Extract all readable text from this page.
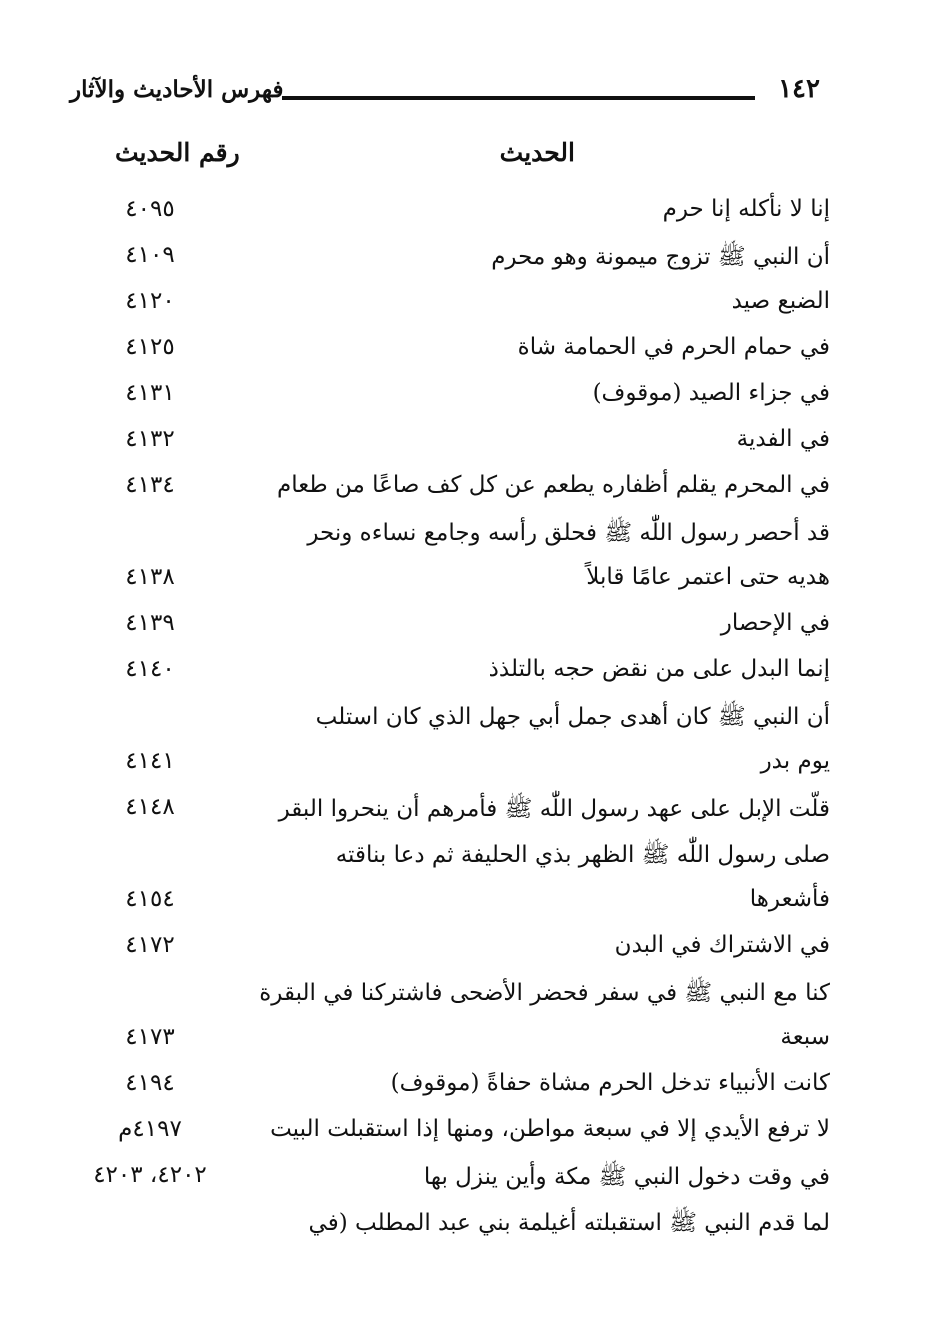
١٤٢
فهرس الأحاديث والآثار
الحديث
رقم الحديث
إنا لا نأكله إنا حرم
٤٠٩٥
أن النبي ﷺ تزوج ميمونة وهو محرم
٤١٠٩
الضبع صيد
٤١٢٠
في حمام الحرم في الحمامة شاة
٤١٢٥
في جزاء الصيد (موقوف)
٤١٣١
في الفدية
٤١٣٢
في المحرم يقلم أظفاره يطعم عن كل كف صاعًا من طعام
٤١٣٤
قد أحصر رسول اللّٰه ﷺ فحلق رأسه وجامع نساءه ونحر
هديه حتى اعتمر عامًا قابلاً
٤١٣٨
في الإحصار
٤١٣٩
إنما البدل على من نقض حجه بالتلذذ
٤١٤٠
أن النبي ﷺ كان أهدى جمل أبي جهل الذي كان استلب
يوم بدر
٤١٤١
قلّت الإبل على عهد رسول اللّٰه ﷺ فأمرهم أن ينحروا البقر
٤١٤٨
صلى رسول اللّٰه ﷺ الظهر بذي الحليفة ثم دعا بناقته
فأشعرها
٤١٥٤
في الاشتراك في البدن
٤١٧٢
كنا مع النبي ﷺ في سفر فحضر الأضحى فاشتركنا في البقرة
سبعة
٤١٧٣
كانت الأنبياء تدخل الحرم مشاة حفاةً (موقوف)
٤١٩٤
لا ترفع الأيدي إلا في سبعة مواطن، ومنها إذا استقبلت البيت
٤١٩٧م
في وقت دخول النبي ﷺ مكة وأين ينزل بها
٤٢٠٢، ٤٢٠٣
لما قدم النبي ﷺ استقبلته أغيلمة بني عبد المطلب (في
